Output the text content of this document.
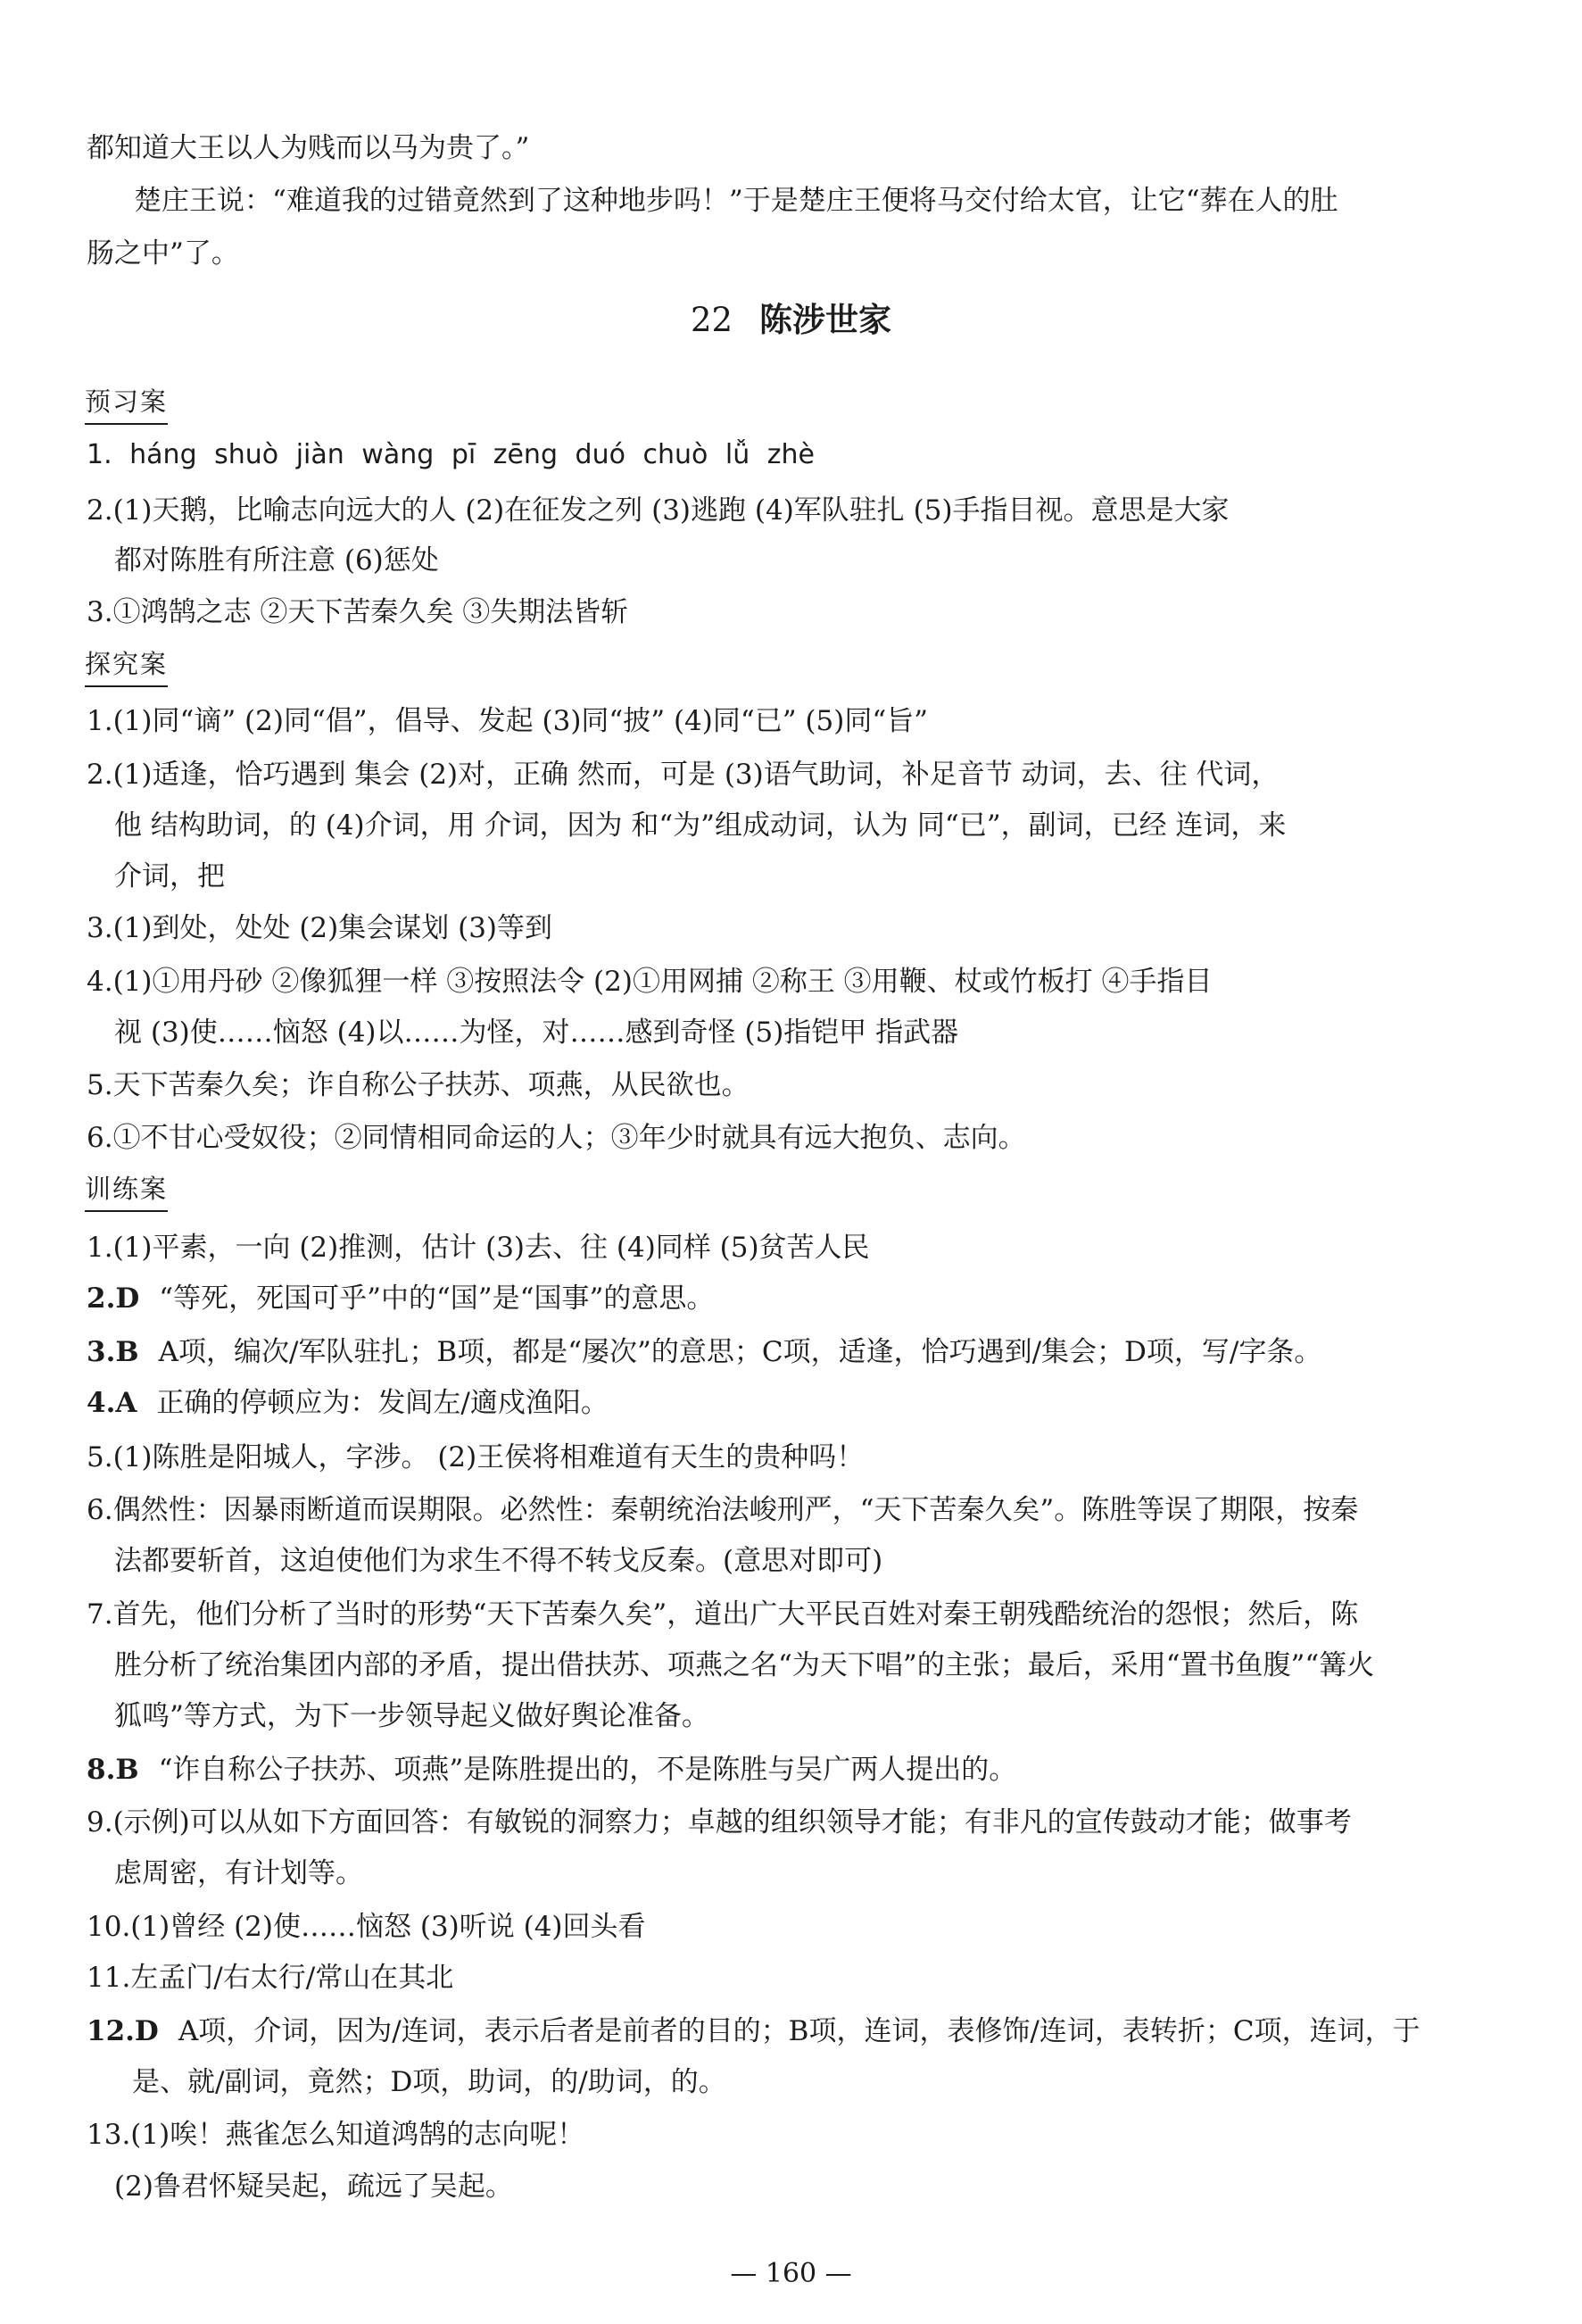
都知道大王以人为贱而以马为贵了。”
楚庄王说：“难道我的过错竟然到了这种地步吗！”于是楚庄王便将马交付给太官，让它“葬在人的肚
肠之中”了。
22 陈涉世家
预习案
1. háng shuò jiàn wàng pī zēng duó chuò lǚ zhè
2.(1)天鹅，比喻志向远大的人 (2)在征发之列 (3)逃跑 (4)军队驻扎 (5)手指目视。意思是大家
都对陈胜有所注意 (6)惩处
3.①鸿鹄之志 ②天下苦秦久矣 ③失期法皆斩
探究案
1.(1)同“谪” (2)同“倡”，倡导、发起 (3)同“披” (4)同“已” (5)同“旨”
2.(1)适逢，恰巧遇到 集会 (2)对，正确 然而，可是 (3)语气助词，补足音节 动词，去、往 代词，
他 结构助词，的 (4)介词，用 介词，因为 和“为”组成动词，认为 同“已”，副词，已经 连词，来
介词，把
3.(1)到处，处处 (2)集会谋划 (3)等到
4.(1)①用丹砂 ②像狐狸一样 ③按照法令 (2)①用网捕 ②称王 ③用鞭、杖或竹板打 ④手指目
视 (3)使……恼怒 (4)以……为怪，对……感到奇怪 (5)指铠甲 指武器
5.天下苦秦久矣；诈自称公子扶苏、项燕，从民欲也。
6.①不甘心受奴役；②同情相同命运的人；③年少时就具有远大抱负、志向。
训练案
1.(1)平素，一向 (2)推测，估计 (3)去、往 (4)同样 (5)贫苦人民
2.D “等死，死国可乎”中的“国”是“国事”的意思。
3.B A项，编次/军队驻扎；B项，都是“屡次”的意思；C项，适逢，恰巧遇到/集会；D项，写/字条。
4.A 正确的停顿应为：发闾左/適戍渔阳。
5.(1)陈胜是阳城人，字涉。 (2)王侯将相难道有天生的贵种吗！
6.偶然性：因暴雨断道而误期限。必然性：秦朝统治法峻刑严，“天下苦秦久矣”。陈胜等误了期限，按秦
法都要斩首，这迫使他们为求生不得不转戈反秦。(意思对即可)
7.首先，他们分析了当时的形势“天下苦秦久矣”，道出广大平民百姓对秦王朝残酷统治的怨恨；然后，陈
胜分析了统治集团内部的矛盾，提出借扶苏、项燕之名“为天下唱”的主张；最后，采用“置书鱼腹”“篝火
狐鸣”等方式，为下一步领导起义做好舆论准备。
8.B “诈自称公子扶苏、项燕”是陈胜提出的，不是陈胜与吴广两人提出的。
9.(示例)可以从如下方面回答：有敏锐的洞察力；卓越的组织领导才能；有非凡的宣传鼓动才能；做事考
虑周密，有计划等。
10.(1)曾经 (2)使……恼怒 (3)听说 (4)回头看
11.左孟门/右太行/常山在其北
12.D A项，介词，因为/连词，表示后者是前者的目的；B项，连词，表修饰/连词，表转折；C项，连词，于
是、就/副词，竟然；D项，助词，的/助词，的。
13.(1)唉！燕雀怎么知道鸿鹄的志向呢！
(2)鲁君怀疑吴起，疏远了吴起。
— 160 —
